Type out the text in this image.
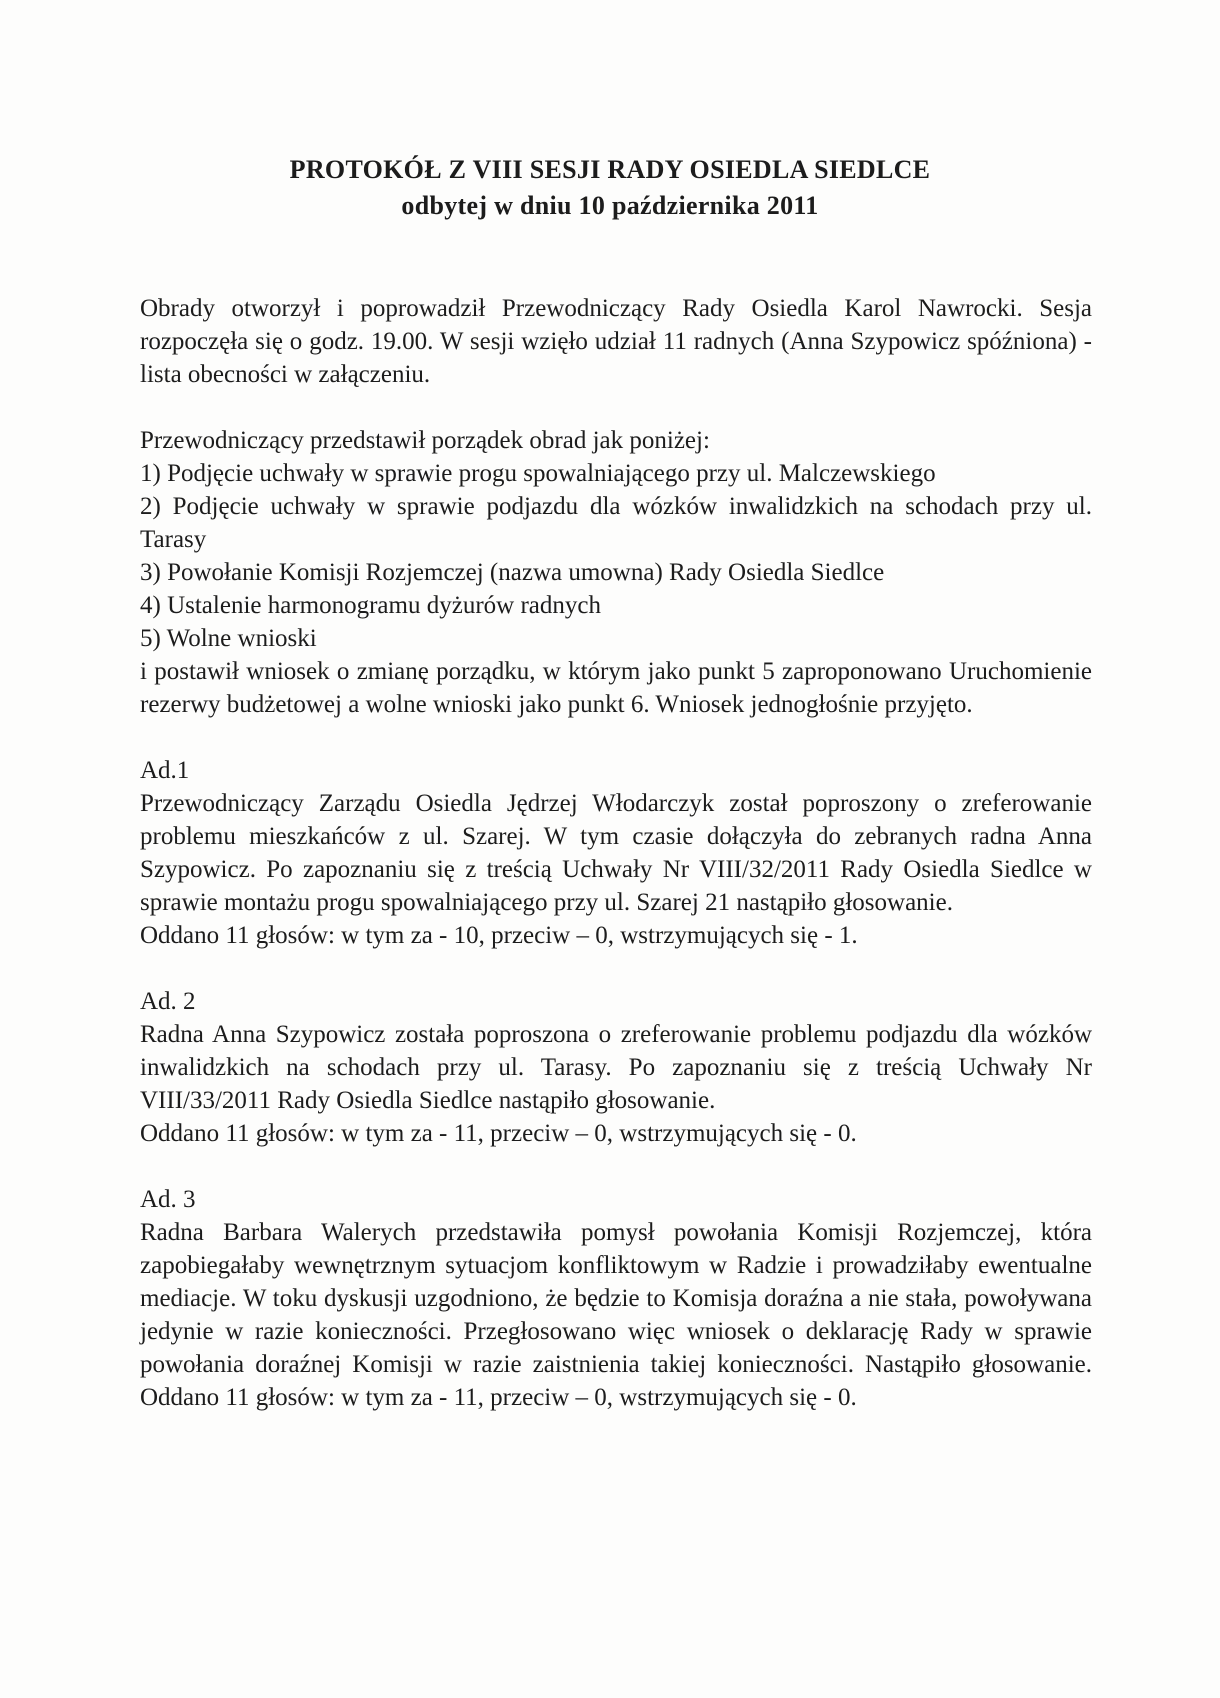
PROTOKÓŁ Z VIII SESJI RADY OSIEDLA SIEDLCE
odbytej w dniu 10 października 2011

Obrady otworzył i poprowadził Przewodniczący Rady Osiedla Karol Nawrocki. Sesja rozpoczęła się o godz. 19.00. W sesji wzięło udział 11 radnych (Anna Szypowicz spóźniona) - lista obecności w załączeniu.

Przewodniczący przedstawił porządek obrad jak poniżej:
1) Podjęcie uchwały w sprawie progu spowalniającego przy ul. Malczewskiego
2) Podjęcie uchwały w sprawie podjazdu dla wózków inwalidzkich na schodach przy ul. Tarasy
3) Powołanie Komisji Rozjemczej (nazwa umowna) Rady Osiedla Siedlce
4) Ustalenie harmonogramu dyżurów radnych
5) Wolne wnioski

i postawił wniosek o zmianę porządku, w którym jako punkt 5 zaproponowano Uruchomienie rezerwy budżetowej a wolne wnioski jako punkt 6. Wniosek jednogłośnie przyjęto.

Ad.1

Przewodniczący Zarządu Osiedla Jędrzej Włodarczyk został poproszony o zreferowanie problemu mieszkańców z ul. Szarej. W tym czasie dołączyła do zebranych radna Anna Szypowicz. Po zapoznaniu się z treścią Uchwały Nr VIII/32/2011 Rady Osiedla Siedlce w sprawie montażu progu spowalniającego przy ul. Szarej 21 nastąpiło głosowanie.

Oddano 11 głosów: w tym za - 10, przeciw – 0, wstrzymujących się - 1.
Ad. 2

Radna Anna Szypowicz została poproszona o zreferowanie problemu podjazdu dla wózków inwalidzkich na schodach przy ul. Tarasy. Po zapoznaniu się z treścią Uchwały Nr VIII/33/2011 Rady Osiedla Siedlce nastąpiło głosowanie.

Oddano 11 głosów: w tym za - 11, przeciw – 0, wstrzymujących się - 0.
Ad. 3

Radna Barbara Walerych przedstawiła pomysł powołania Komisji Rozjemczej, która zapobiegałaby wewnętrznym sytuacjom konfliktowym w Radzie i prowadziłaby ewentualne mediacje. W toku dyskusji uzgodniono, że będzie to Komisja doraźna a nie stała, powoływana jedynie w razie konieczności. Przegłosowano więc wniosek o deklarację Rady w sprawie powołania doraźnej Komisji w razie zaistnienia takiej konieczności. Nastąpiło głosowanie. Oddano 11 głosów: w tym za - 11, przeciw – 0, wstrzymujących się - 0.
